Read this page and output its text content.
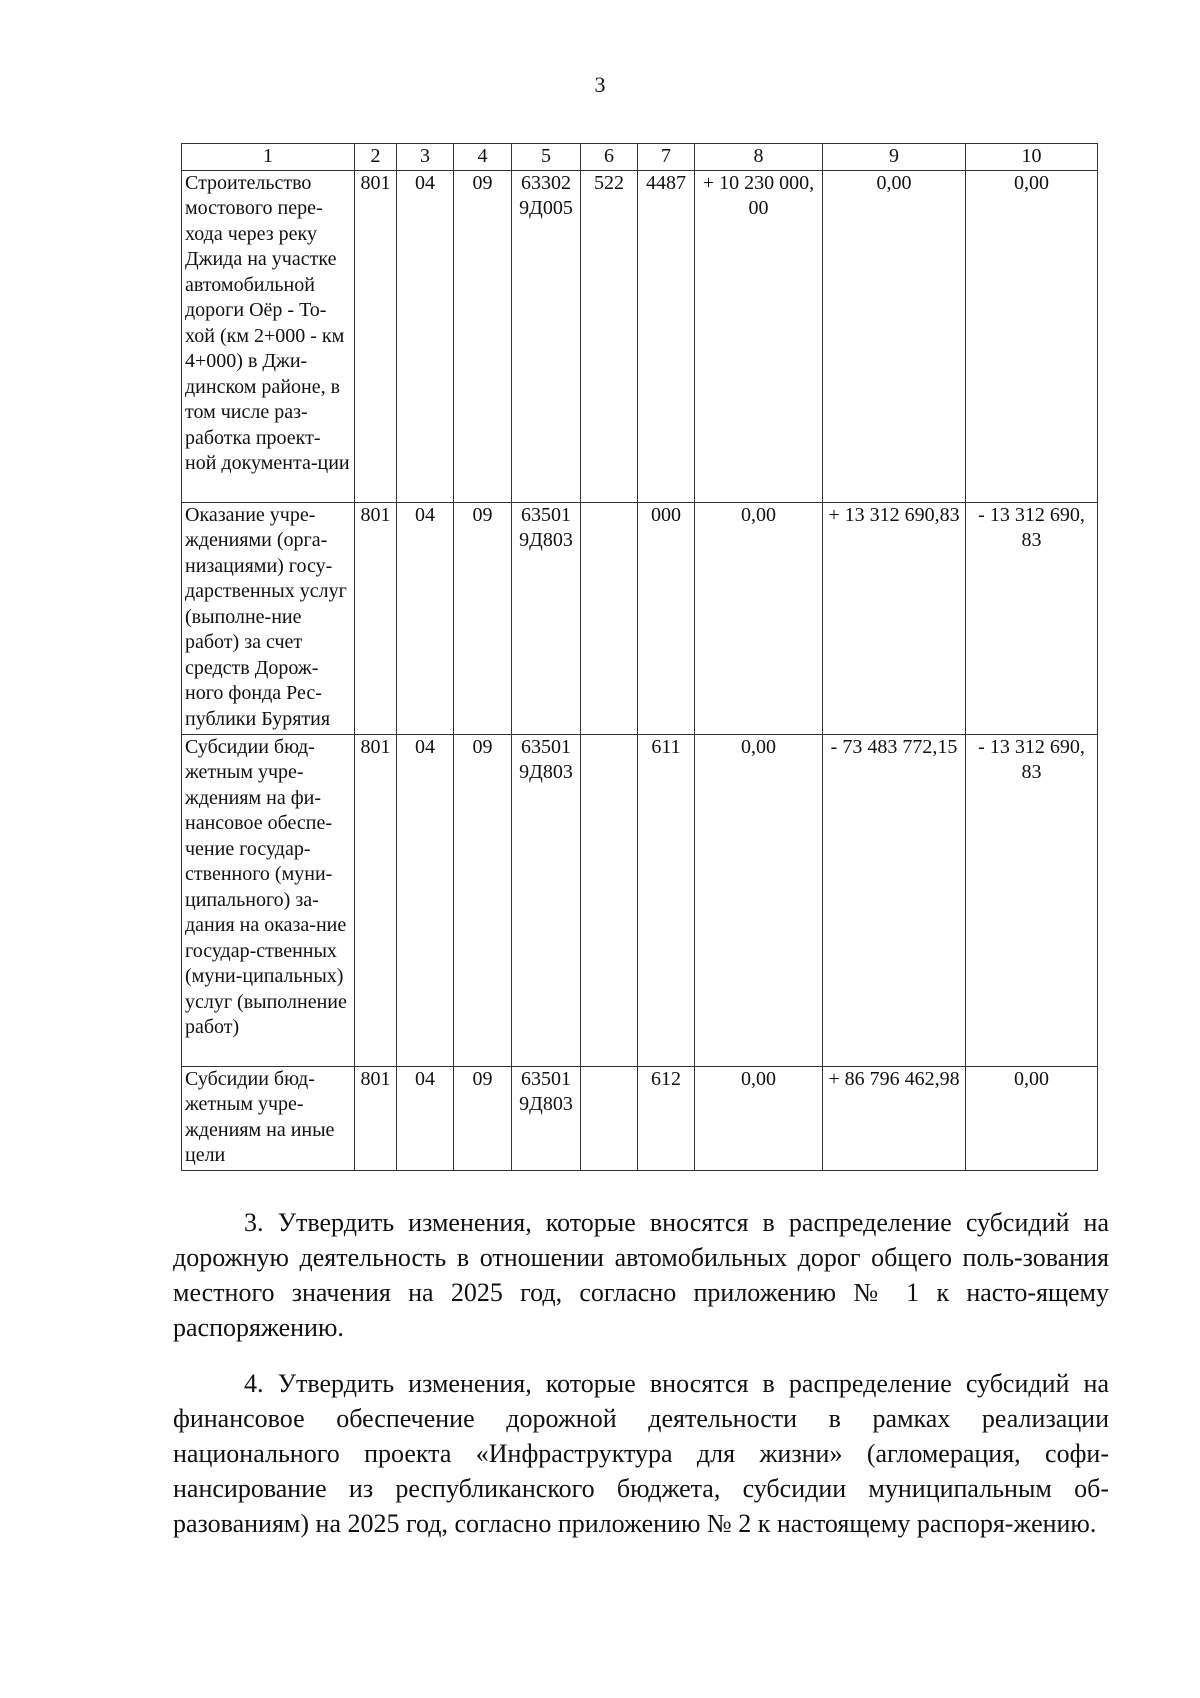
3
1	2	3	4	5	6	7	8	9	10
Строительство мостового пере-хода через реку Джида на участке автомобильной дороги Оёр - То-хой (км 2+000 - км 4+000) в Джи-динском районе, в том числе раз-работка проект-ной документа-ции	801	04	09	63302 9Д005	522	4487	+ 10 230 000, 00	0,00	0,00
Оказание учре-ждениями (орга-низациями) госу-дарственных услуг (выполне-ние работ) за счет средств Дорож-ного фонда Рес-публики Бурятия	801	04	09	63501 9Д803		000	0,00	+ 13 312 690,83	- 13 312 690, 83
Субсидии бюд-жетным учре-ждениям на фи-нансовое обеспе-чение государ-ственного (муни-ципального) за-дания на оказа-ние государ-ственных (муни-ципальных) услуг (выполнение работ)	801	04	09	63501 9Д803		611	0,00	- 73 483 772,15	- 13 312 690, 83
Субсидии бюд-жетным учре-ждениям на иные цели	801	04	09	63501 9Д803		612	0,00	+ 86 796 462,98	0,00

3. Утвердить изменения, которые вносятся в распределение субсидий на дорожную деятельность в отношении автомобильных дорог общего поль-зования местного значения на 2025 год, согласно приложению № 1 к насто-ящему распоряжению.

4. Утвердить изменения, которые вносятся в распределение субсидий на финансовое обеспечение дорожной деятельности в рамках реализации национального проекта «Инфраструктура для жизни» (агломерация, софи-нансирование из республиканского бюджета, субсидии муниципальным об-разованиям) на 2025 год, согласно приложению № 2 к настоящему распоря-жению.
